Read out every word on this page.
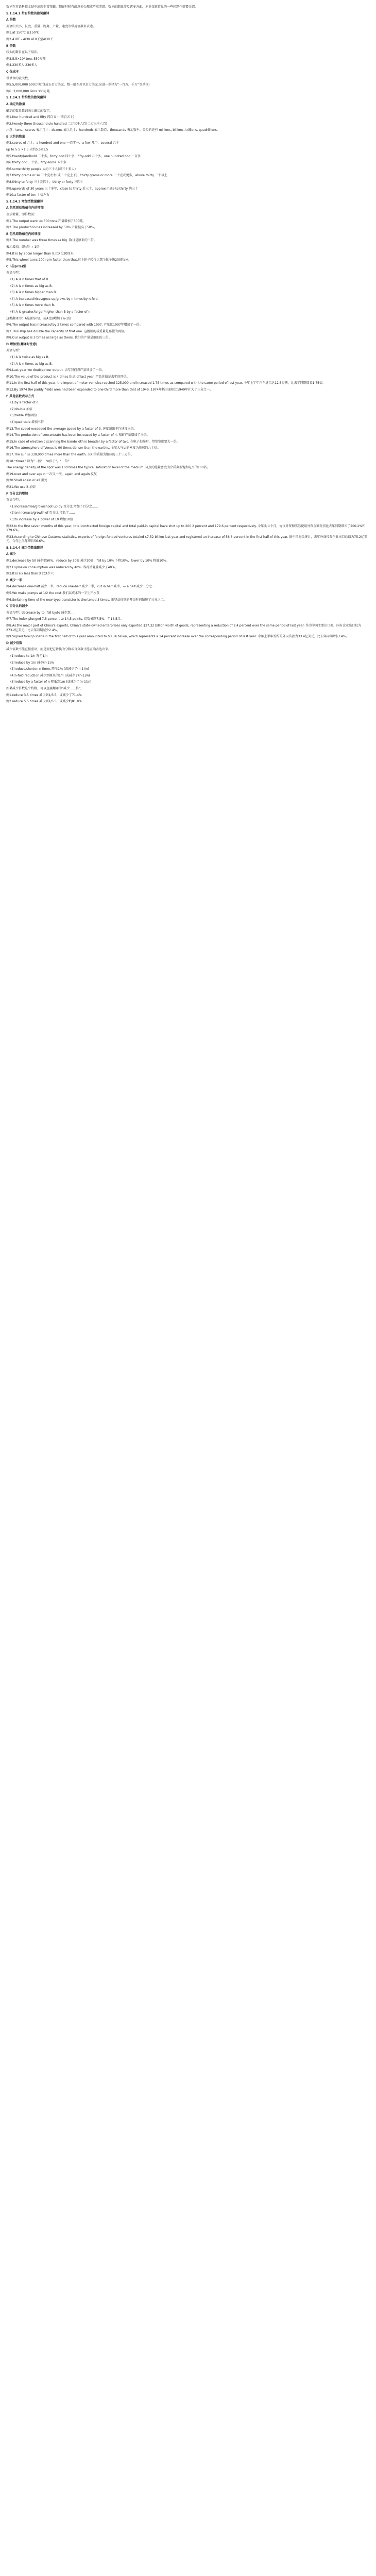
数词在英语科技文献中出现非常频繁，翻译时稍有疏忽便会酿成严重差错。数词的翻译涉及诸多方面，本节仅就常见的一些问题作简要介绍。

5.1.14.1 带有约数的数词翻译

A 倍数

英语中大小、长度、重量、距离、产量、速度等常用倍数来表达。

例1.at 150℃ 在150℃

例2.410F - 4/30 410下至4/30下

B 倍数

较大的数目在以下用法。

例3.5.5×10⁶ tons 550万吨

例4.230多人 230多人

C 保成本

带单位的较大数，

例5.5,000,000 500万美元(或五百万美元，数一般不用以百万美元,应进一步译为“一百万，千万”等单位)

例6. 3,000,000 Tons 300万吨

5.1.14.2 带约数的数词翻译

A 确定的数量

确定的数量数词表示确切的数字，

例1.four hundred and fifty 四百五十(四百五十)

例2.twenty-three thousand six hundred 二万三千六百(二万三千六百)

注意：tens、scores 表示几十；dozens 表示几十；hundreds 表示数百；thousands 表示数千。类似的还有 millions, billions, trillions, quadrillions。

B 大约的数量

例3.scores of 几十，a hundred and one 一百零一，a few 几个，several 几个

up to 5.5 ×1.5 大约5.5×1.5

例5.twenty(and)odd 二十多，forty odd 四十多，fifty-odd 五十多，one hundred odd 一百多

例6.thirty odd 三十多，fifty-some 五十多

例6.some thirty people 大约三十人(或三十来人)

例7.thirty grams or so 三十克左右(或三十克上下)，thirty grams or more 三十克或更多，above thirty 三十以上

例8.thirty to forty 三十到四十，thirty or forty 三四十

例9.upwards of 30 years 三十多年，close to thirty 近三十，approximate to thirty 约三十

例10.a factor of ten 十倍左右

5.1.14.3 增加型数量翻译

A 包括原始数值在内的增加

表示增量，即倍数前：

例1.The output went up 300 tons.产量增加了300吨。

例2.The production has increased by 50%.产量提高了50%。

B 包括原数值在内的增加

例3.The number was three times as big. 数目是原来的三倍。

表示增加，即n倍 → 1倍

例4.It is by 20cm longer than X.比X长20厘米

例5.This wheel turns 200 rpm faster than that.这个轮子转得比那个轮子快200转/分。

C n倍(n%)型

英语句型：

(1) A is n times that of B.

(2) A is n times as big as B.

(3) A is n times bigger than B.

(4) A increased/rises/goes up/grows by n times/by n-fold.

(5) A is n times more than B.

(6) A is greater/larger/higher than B by a factor of n.

这类翻译为：A是B的n倍，或A比B增加了n-1倍

例6.The output has increased by 2 times compared with 1997. 产量比1997年增加了一倍。

例7.This ship has double the capacity of that one. 这艘船的载重量是那艘的两倍。

例8.Our output is 3 times as large as theirs. 我们的产量是他们的三倍。

D 增加型(翻译时注意)

英语句型：

(1) A is twice as big as B.

(2) A is n times as big as B.

例9.Last year we doubled our output. 去年我们将产量增加了一倍。

例10.The value of the product is 4 times that of last year. 产品价值是去年的四倍。

例11.In the first half of this year, the import of motor vehicles reached 125,000 and increased 1.75 times as compared with the same period of last year. 今年上半年汽车进口达12.5万辆，比去年同期增长1.75倍。

例12.By 1974 the paddy fields area had been expanded to one-third more than that of 1949. 1974年稻田面积比1949年扩大了三分之一。

E 其他倍数表示方式

(1)by a factor of n.

(2)double 加倍

(3)treble 增加两倍

(4)quadruple 增加三倍

例13.The speed exceeded the average speed by a factor of 3. 速度超出平均速度三倍。

例14.The production of concentrate has been increased by a factor of 4. 精矿产量增加了三倍。

例15.In case of electronic scanning the bandwidth is broader by a factor of two. 在电子扫描时，带宽宽度要大一倍。

例16.The atmosphere of Venus is 90 times denser than the earth's. 金星大气层的密度为地球的九十倍。

例17.The sun is 330,000 times more than the earth. 太阳的质量为地球的三十三万倍。

例18.“times” 译为“…倍”，“n倍于”，“…倍”

The energy density of the spot was 100 times the typical saturation level of the medium. 斑点的能量密度为介质典型饱和电平的100倍。

例19.over and over again 一次又一次，again and again 反复

例20.Shall again or all 重复

例21.We use it 加倍

F 百分比的增加

英语句型：

(1)increase/rise/grow/shoot up by 百分比 增加了百分之……

(2)an increase/growth of 百分比 增长了……

(3)to increase by a power of 10 增加10倍

例22.In the first seven months of this year, total contracted foreign capital and total paid-in capital have shot up to 200.2 percent and 179.6 percent respectively. 今年头七个月，协议外资和实际使用外资金额分别比去年同期增长了200.2%和179.6%。

例23.According to Chinese Customs statistics, exports of foreign-funded ventures totaled $7.52 billion last year and registered an increase of 56.6 percent in the first half of this year. 据中国海关统计，去年外商投资企业出口总值为75.2亿美元，今年上半年增长56.6%。

5.1.14.4 减少型数量翻译

A 减少

例1.decrease by 50 减少至50%，reduce by 30% 减少30%，fall by 10% 下降10%，lower by 10% 降低10%。

例2.Explosion consumption was reduced by 40%. 炸药消耗量减少了40%。

例3.It is six less than X 比X少六

B 减少一半

例4.decrease one-half 减少一半，reduce one-half 减少一半，cut in half 减半，— a half 减少二分之一

例5.We make pumps at 1/2 the cost 我们以成本的一半生产水泵

例6.Switching time of the new-type transistor is shortened 3 times. 新型晶体管的开关时间缩短了三分之二。

C 百分比的减少

英语句型：decrease by to, fall by/to 减少到……

例7.The index plunged 7.5 percent to 14.5 points. 指数暴跌7.5%，至14.5点。

例8.As the major port of China's exports, China's state-owned enterprises only exported $27.32 billion worth of goods, representing a reduction of 2.4 percent over the same period of last year. 作为中国主要出口商，国有企业出口仅为273.2亿美元，比去年同期减少2.4%。

例9.Signed foreign loans in the first half of this year amounted to $3.34 billion, which represents a 14 percent increase over the corresponding period of last year. 今年上半年签约的外国贷款为33.4亿美元，比去年同期增长14%。

D 减少倍数

减少倍数不能直接照译，而是要把它转换为分数或百分数才能正确表达出来。

(1)reduce to 1/n 降至1/n

(2)reduce by 1/n 减少(n-1)/n

(3)reduce/shorten n times 降至1/n (或减少了(n-1)/n)

(4)n-fold reduction 减少到原来的1/n (或减少了(n-1)/n)

(5)reduce by a factor of n 降低到1/n (或减少了(n-1)/n)

如果减少倍数是个约数，可以直接翻译为“减少……倍”。

例1.reduce 3.5 times 减少到1/3.5，或减少了71.4%

例2.reduce 5.5 times 减少到1/5.5，或减少约81.8%
